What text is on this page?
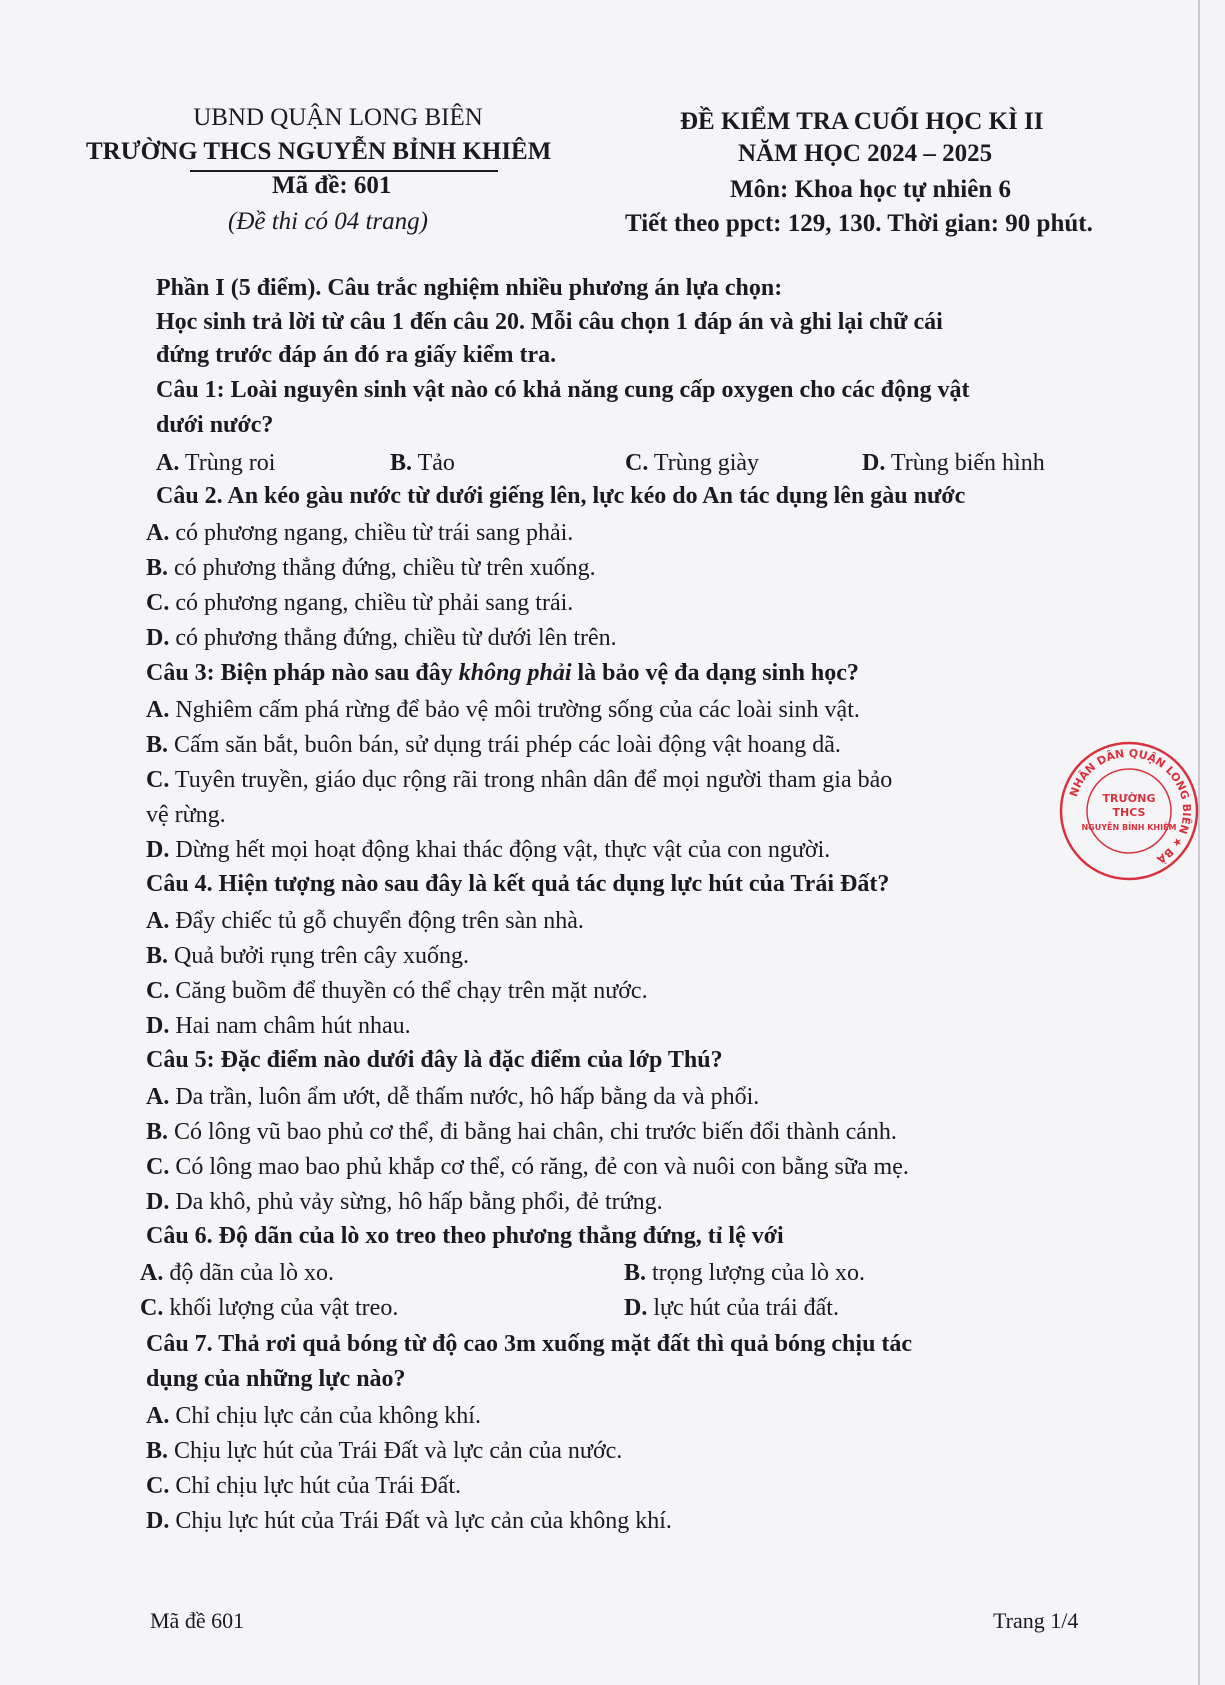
UBND QUẬN LONG BIÊN
TRƯỜNG THCS NGUYỄN BỈNH KHIÊM
Mã đề: 601
(Đề thi có 04 trang)
ĐỀ KIỂM TRA CUỐI HỌC KÌ II
NĂM HỌC 2024 – 2025
Môn: Khoa học tự nhiên 6
Tiết theo ppct: 129, 130. Thời gian: 90 phút.
Phần I (5 điểm). Câu trắc nghiệm nhiều phương án lựa chọn:
Học sinh trả lời từ câu 1 đến câu 20. Mỗi câu chọn 1 đáp án và ghi lại chữ cái
đứng trước đáp án đó ra giấy kiểm tra.
Câu 1: Loài nguyên sinh vật nào có khả năng cung cấp oxygen cho các động vật
dưới nước?
A. Trùng roi	B. Tảo	C. Trùng giày	D. Trùng biến hình
Câu 2. An kéo gàu nước từ dưới giếng lên, lực kéo do An tác dụng lên gàu nước
A. có phương ngang, chiều từ trái sang phải.
B. có phương thẳng đứng, chiều từ trên xuống.
C. có phương ngang, chiều từ phải sang trái.
D. có phương thẳng đứng, chiều từ dưới lên trên.
Câu 3: Biện pháp nào sau đây không phải là bảo vệ đa dạng sinh học?
A. Nghiêm cấm phá rừng để bảo vệ môi trường sống của các loài sinh vật.
B. Cấm săn bắt, buôn bán, sử dụng trái phép các loài động vật hoang dã.
C. Tuyên truyền, giáo dục rộng rãi trong nhân dân để mọi người tham gia bảo
vệ rừng.
D. Dừng hết mọi hoạt động khai thác động vật, thực vật của con người.
Câu 4. Hiện tượng nào sau đây là kết quả tác dụng lực hút của Trái Đất?
A. Đẩy chiếc tủ gỗ chuyển động trên sàn nhà.
B. Quả bưởi rụng trên cây xuống.
C. Căng buồm để thuyền có thể chạy trên mặt nước.
D. Hai nam châm hút nhau.
Câu 5: Đặc điểm nào dưới đây là đặc điểm của lớp Thú?
A. Da trần, luôn ẩm ướt, dễ thấm nước, hô hấp bằng da và phổi.
B. Có lông vũ bao phủ cơ thể, đi bằng hai chân, chi trước biến đổi thành cánh.
C. Có lông mao bao phủ khắp cơ thể, có răng, đẻ con và nuôi con bằng sữa mẹ.
D. Da khô, phủ vảy sừng, hô hấp bằng phổi, đẻ trứng.
Câu 6. Độ dãn của lò xo treo theo phương thẳng đứng, tỉ lệ với
A. độ dãn của lò xo.	B. trọng lượng của lò xo.
C. khối lượng của vật treo.	D. lực hút của trái đất.
Câu 7. Thả rơi quả bóng từ độ cao 3m xuống mặt đất thì quả bóng chịu tác
dụng của những lực nào?
A. Chỉ chịu lực cản của không khí.
B. Chịu lực hút của Trái Đất và lực cản của nước.
C. Chỉ chịu lực hút của Trái Đất.
D. Chịu lực hút của Trái Đất và lực cản của không khí.
Mã đề 601	Trang 1/4
NHÂN DÂN QUẬN LONG BIÊN ★ BÀ
TRƯỜNG
THCS
NGUYỄN BỈNH KHIÊM
